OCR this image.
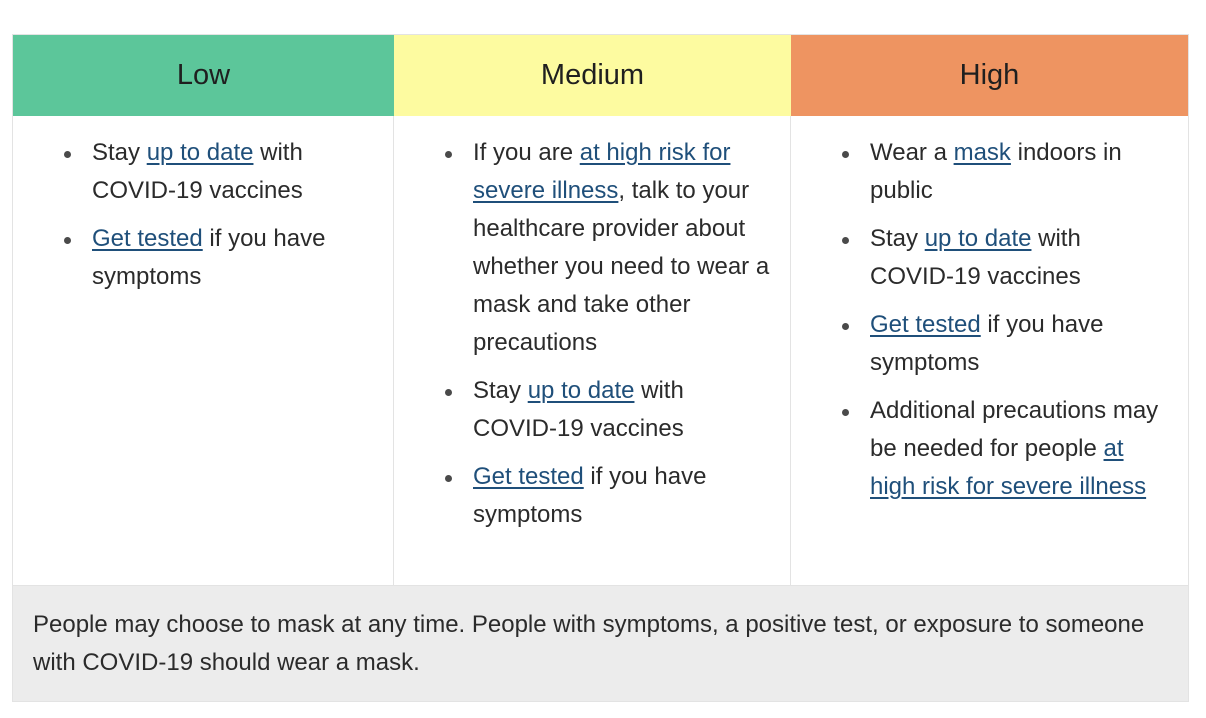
Low	Medium	High
Stay up to date with COVID-19 vaccines
Get tested if you have symptoms
If you are at high risk for severe illness, talk to your healthcare provider about whether you need to wear a mask and take other precautions
Stay up to date with COVID-19 vaccines
Get tested if you have symptoms
Wear a mask indoors in public
Stay up to date with COVID-19 vaccines
Get tested if you have symptoms
Additional precautions may be needed for people at high risk for severe illness
People may choose to mask at any time. People with symptoms, a positive test, or exposure to someone with COVID-19 should wear a mask.
